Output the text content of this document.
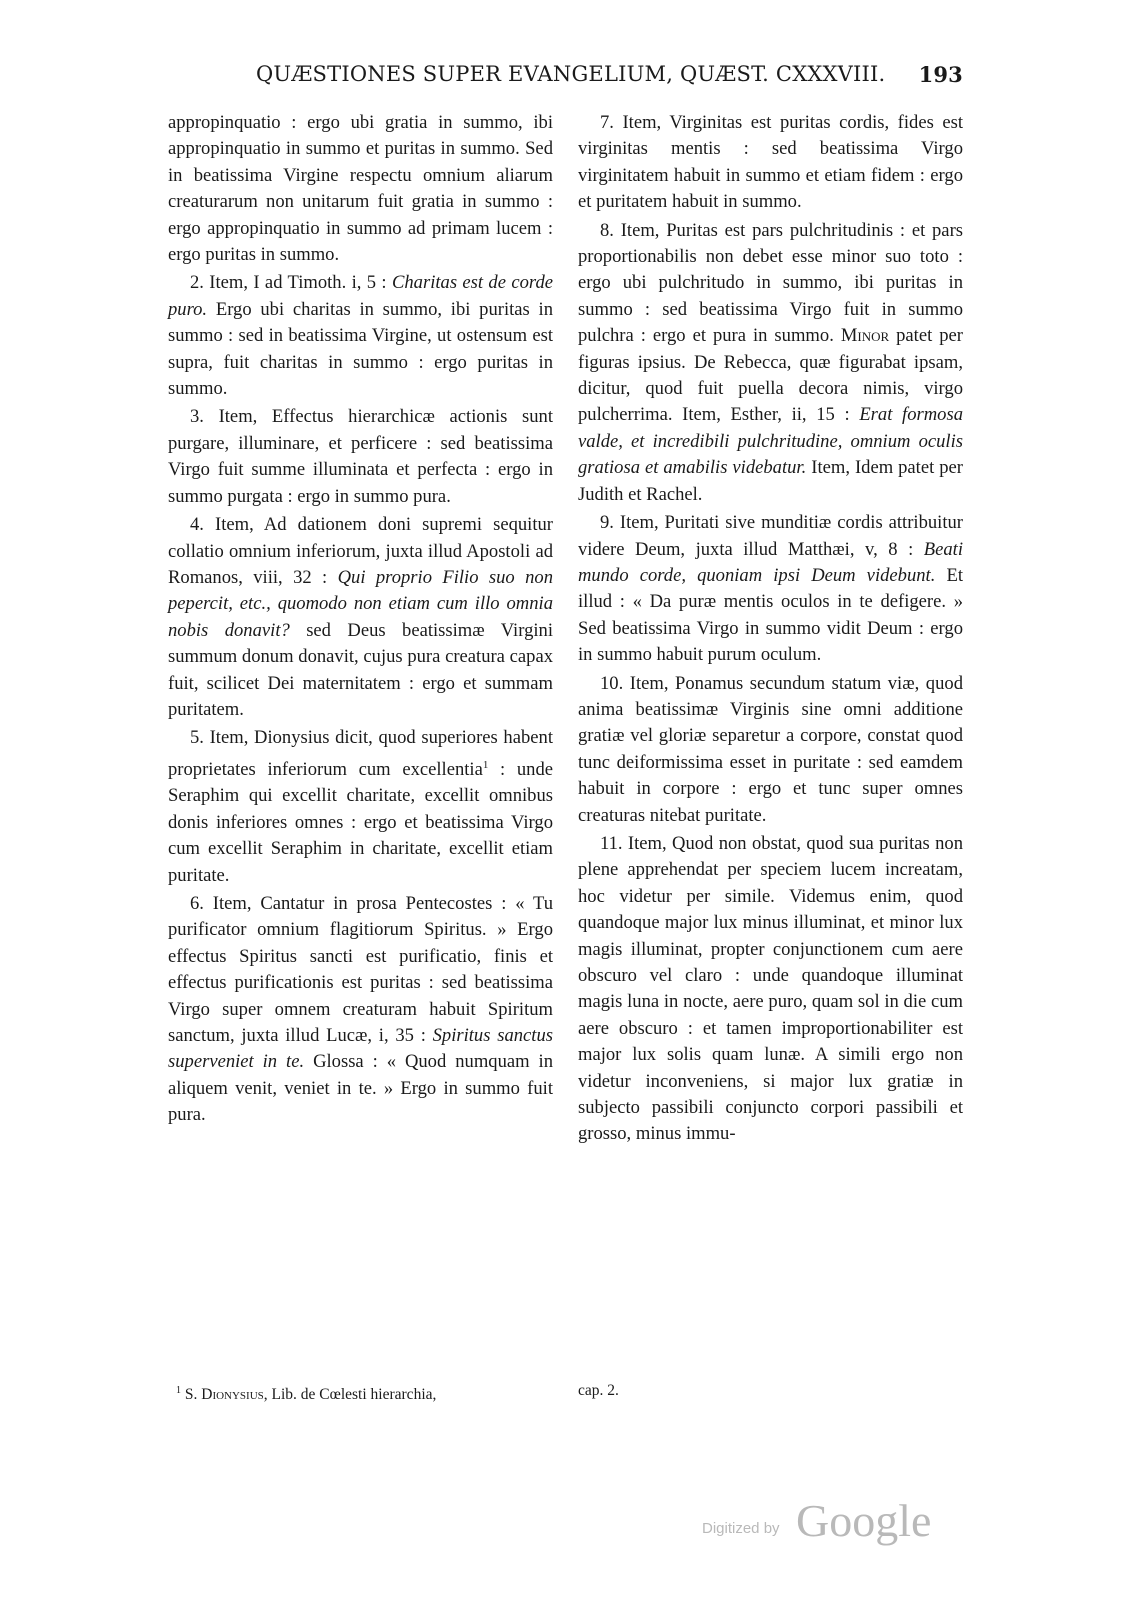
QUÆSTIONES SUPER EVANGELIUM, QUÆST. CXXXVIII. 193

appropinquatio : ergo ubi gratia in summo, ibi appropinquatio in summo et puritas in summo. Sed in beatissima Virgine respectu omnium aliarum creaturarum non unitarum fuit gratia in summo : ergo appropinquatio in summo ad primam lucem : ergo puritas in summo.

2. Item, I ad Timoth. i, 5 : Charitas est de corde puro. Ergo ubi charitas in summo, ibi puritas in summo : sed in beatissima Virgine, ut ostensum est supra, fuit charitas in summo : ergo puritas in summo.

3. Item, Effectus hierarchicæ actionis sunt purgare, illuminare, et perficere : sed beatissima Virgo fuit summe illuminata et perfecta : ergo in summo purgata : ergo in summo pura.

4. Item, Ad dationem doni supremi sequitur collatio omnium inferiorum, juxta illud Apostoli ad Romanos, viii, 32 : Qui proprio Filio suo non pepercit, etc., quomodo non etiam cum illo omnia nobis donavit? sed Deus beatissimæ Virgini summum donum donavit, cujus pura creatura capax fuit, scilicet Dei maternitatem : ergo et summam puritatem.

5. Item, Dionysius dicit, quod superiores habent proprietates inferiorum cum excellentia$^1$ : unde Seraphim qui excellit charitate, excellit omnibus donis inferiores omnes : ergo et beatissima Virgo cum excellit Seraphim in charitate, excellit etiam puritate.

6. Item, Cantatur in prosa Pentecostes : « Tu purificator omnium flagitiorum Spiritus. » Ergo effectus Spiritus sancti est purificatio, finis et effectus purificationis est puritas : sed beatissima Virgo super omnem creaturam habuit Spiritum sanctum, juxta illud Lucæ, i, 35 : Spiritus sanctus superveniet in te. Glossa : « Quod numquam in aliquem venit, veniet in te. » Ergo in summo fuit pura.

7. Item, Virginitas est puritas cordis, fides est virginitas mentis : sed beatissima Virgo virginitatem habuit in summo et etiam fidem : ergo et puritatem habuit in summo.

8. Item, Puritas est pars pulchritudinis : et pars proportionabilis non debet esse minor suo toto : ergo ubi pulchritudo in summo, ibi puritas in summo : sed beatissima Virgo fuit in summo pulchra : ergo et pura in summo. Minor patet per figuras ipsius. De Rebecca, quæ figurabat ipsam, dicitur, quod fuit puella decora nimis, virgo pulcherrima. Item, Esther, ii, 15 : Erat formosa valde, et incredibili pulchritudine, omnium oculis gratiosa et amabilis videbatur. Item, Idem patet per Judith et Rachel.

9. Item, Puritati sive munditiæ cordis attribuitur videre Deum, juxta illud Matthæi, v, 8 : Beati mundo corde, quoniam ipsi Deum videbunt. Et illud : « Da puræ mentis oculos in te defigere. » Sed beatissima Virgo in summo vidit Deum : ergo in summo habuit purum oculum.

10. Item, Ponamus secundum statum viæ, quod anima beatissimæ Virginis sine omni additione gratiæ vel gloriæ separetur a corpore, constat quod tunc deiformissima esset in puritate : sed eamdem habuit in corpore : ergo et tunc super omnes creaturas nitebat puritate.

11. Item, Quod non obstat, quod sua puritas non plene apprehendat per speciem lucem increatam, hoc videtur per simile. Videmus enim, quod quandoque major lux minus illuminat, et minor lux magis illuminat, propter conjunctionem cum aere obscuro vel claro : unde quandoque illuminat magis luna in nocte, aere puro, quam sol in die cum aere obscuro : et tamen improportionabiliter est major lux solis quam lunæ. A simili ergo non videtur inconveniens, si major lux gratiæ in subjecto passibili conjuncto corpori passibili et grosso, minus immu-

$^1$ S. Dionysius, Lib. de Cœlesti hierarchia,	cap. 2.
Digitized by Google
